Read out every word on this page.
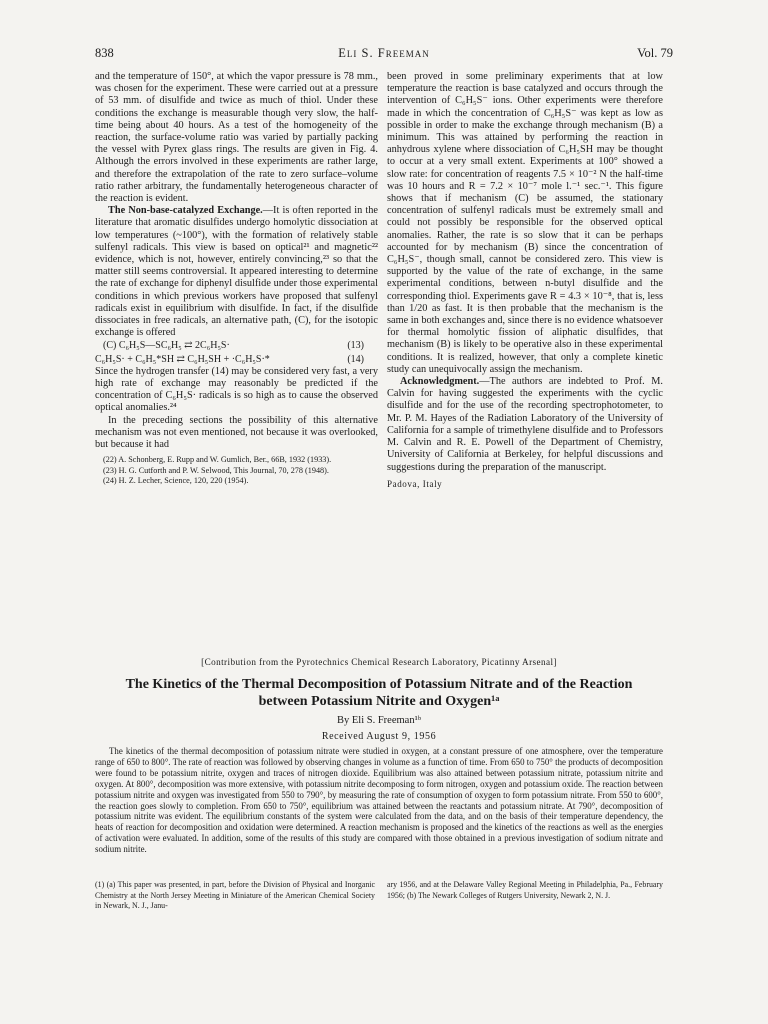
838	Eli S. Freeman	Vol. 79

and the temperature of 150°, at which the vapor pressure is 78 mm., was chosen for the experiment. These were carried out at a pressure of 53 mm. of disulfide and twice as much of thiol. Under these conditions the exchange is measurable though very slow, the half-time being about 40 hours. As a test of the homogeneity of the reaction, the surface-volume ratio was varied by partially packing the vessel with Pyrex glass rings. The results are given in Fig. 4. Although the errors involved in these experiments are rather large, and therefore the extrapolation of the rate to zero surface–volume ratio rather arbitrary, the fundamentally heterogeneous character of the reaction is evident.

The Non-base-catalyzed Exchange.—It is often reported in the literature that aromatic disulfides undergo homolytic dissociation at low temperatures (~100°), with the formation of relatively stable sulfenyl radicals. This view is based on optical²¹ and magnetic²² evidence, which is not, however, entirely convincing,²³ so that the matter still seems controversial. It appeared interesting to determine the rate of exchange for diphenyl disulfide under those experimental conditions in which previous workers have proposed that sulfenyl radicals exist in equilibrium with disulfide. In fact, if the disulfide dissociates in free radicals, an alternative path, (C), for the isotopic exchange is offered

(C) C₆H₅S—SC₆H₅ ⇄ 2C₆H₅S·	(13)
C₆H₅S· + C₆H₅*SH ⇄ C₆H₅SH + ·C₆H₅S·*	(14)

Since the hydrogen transfer (14) may be considered very fast, a very high rate of exchange may reasonably be predicted if the concentration of C₆H₅S· radicals is so high as to cause the observed optical anomalies.²⁴

In the preceding sections the possibility of this alternative mechanism was not even mentioned, not because it was overlooked, but because it had

(22) A. Schonberg, E. Rupp and W. Gumlich, Ber., 66B, 1932 (1933).
(23) H. G. Cutforth and P. W. Selwood, This Journal, 70, 278 (1948).
(24) H. Z. Lecher, Science, 120, 220 (1954).

been proved in some preliminary experiments that at low temperature the reaction is base catalyzed and occurs through the intervention of C₆H₅S⁻ ions. Other experiments were therefore made in which the concentration of C₆H₅S⁻ was kept as low as possible in order to make the exchange through mechanism (B) a minimum. This was attained by performing the reaction in anhydrous xylene where dissociation of C₆H₅SH may be thought to occur at a very small extent. Experiments at 100° showed a slow rate: for concentration of reagents 7.5 × 10⁻² N the half-time was 10 hours and R = 7.2 × 10⁻⁷ mole l.⁻¹ sec.⁻¹. This figure shows that if mechanism (C) be assumed, the stationary concentration of sulfenyl radicals must be extremely small and could not possibly be responsible for the observed optical anomalies. Rather, the rate is so slow that it can be perhaps accounted for by mechanism (B) since the concentration of C₆H₅S⁻, though small, cannot be considered zero. This view is supported by the value of the rate of exchange, in the same experimental conditions, between n-butyl disulfide and the corresponding thiol. Experiments gave R = 4.3 × 10⁻⁸, that is, less than 1/20 as fast. It is then probable that the mechanism is the same in both exchanges and, since there is no evidence whatsoever for thermal homolytic fission of aliphatic disulfides, that mechanism (B) is likely to be operative also in these experimental conditions. It is realized, however, that only a complete kinetic study can unequivocally assign the mechanism.

Acknowledgment.—The authors are indebted to Prof. M. Calvin for having suggested the experiments with the cyclic disulfide and for the use of the recording spectrophotometer, to Mr. P. M. Hayes of the Radiation Laboratory of the University of California for a sample of trimethylene disulfide and to Professors M. Calvin and R. E. Powell of the Department of Chemistry, University of California at Berkeley, for helpful discussions and suggestions during the preparation of the manuscript.

Padova, Italy
[Contribution from the Pyrotechnics Chemical Research Laboratory, Picatinny Arsenal]
The Kinetics of the Thermal Decomposition of Potassium Nitrate and of the Reaction
between Potassium Nitrite and Oxygen¹ᵃ
By Eli S. Freeman¹ᵇ
Received August 9, 1956
The kinetics of the thermal decomposition of potassium nitrate were studied in oxygen, at a constant pressure of one atmosphere, over the temperature range of 650 to 800°. The rate of reaction was followed by observing changes in volume as a function of time. From 650 to 750° the products of decomposition were found to be potassium nitrite, oxygen and traces of nitrogen dioxide. Equilibrium was also attained between potassium nitrate, potassium nitrite and oxygen. At 800°, decomposition was more extensive, with potassium nitrite decomposing to form nitrogen, oxygen and potassium oxide. The reaction between potassium nitrite and oxygen was investigated from 550 to 790°, by measuring the rate of consumption of oxygen to form potassium nitrate. From 550 to 600°, the reaction goes slowly to completion. From 650 to 750°, equilibrium was attained between the reactants and potassium nitrate. At 790°, decomposition of potassium nitrite was evident. The equilibrium constants of the system were calculated from the data, and on the basis of their temperature dependency, the heats of reaction for decomposition and oxidation were determined. A reaction mechanism is proposed and the kinetics of the reactions as well as the energies of activation were evaluated. In addition, some of the results of this study are compared with those obtained in a previous investigation of sodium nitrate and sodium nitrite.
(1) (a) This paper was presented, in part, before the Division of Physical and Inorganic Chemistry at the North Jersey Meeting in Miniature of the American Chemical Society in Newark, N. J., Janu-
ary 1956, and at the Delaware Valley Regional Meeting in Philadelphia, Pa., February 1956; (b) The Newark Colleges of Rutgers University, Newark 2, N. J.
